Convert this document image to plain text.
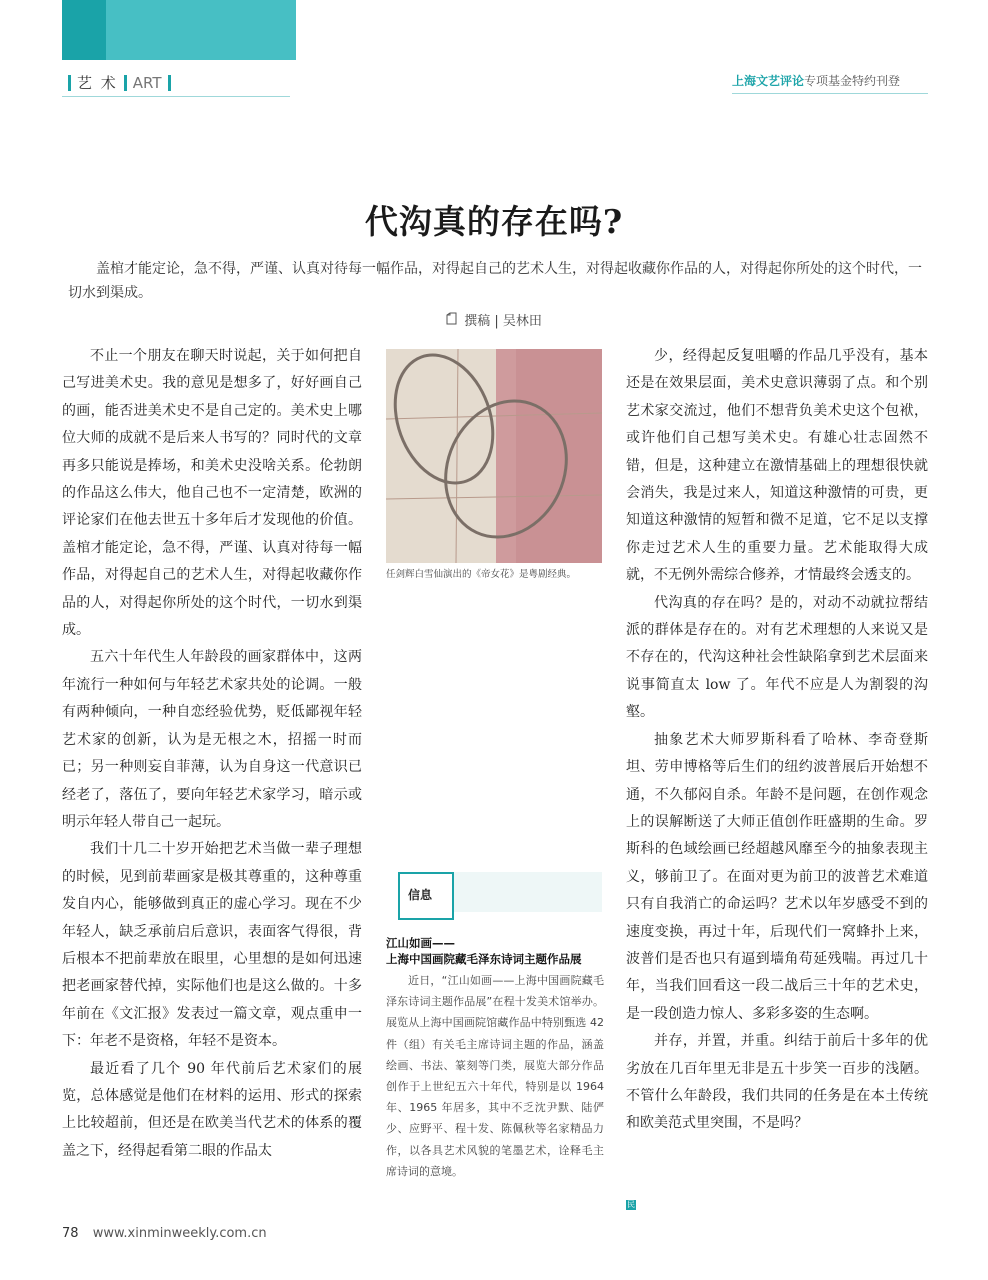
艺 术 ART	上海文艺评论专项基金特约刊登
代沟真的存在吗?
盖棺才能定论，急不得，严谨、认真对待每一幅作品，对得起自己的艺术人生，对得起收藏你作品的人，对得起你所处的这个时代，一切水到渠成。
撰稿 | 吴林田

不止一个朋友在聊天时说起，关于如何把自己写进美术史。我的意见是想多了，好好画自己的画，能否进美术史不是自己定的。美术史上哪位大师的成就不是后来人书写的？同时代的文章再多只能说是捧场，和美术史没啥关系。伦勃朗的作品这么伟大，他自己也不一定清楚，欧洲的评论家们在他去世五十多年后才发现他的价值。盖棺才能定论，急不得，严谨、认真对待每一幅作品，对得起自己的艺术人生，对得起收藏你作品的人，对得起你所处的这个时代，一切水到渠成。

五六十年代生人年龄段的画家群体中，这两年流行一种如何与年轻艺术家共处的论调。一般有两种倾向，一种自恋经验优势，贬低鄙视年轻艺术家的创新，认为是无根之木，招摇一时而已；另一种则妄自菲薄，认为自身这一代意识已经老了，落伍了，要向年轻艺术家学习，暗示或明示年轻人带自己一起玩。

我们十几二十岁开始把艺术当做一辈子理想的时候，见到前辈画家是极其尊重的，这种尊重发自内心，能够做到真正的虚心学习。现在不少年轻人，缺乏承前启后意识，表面客气得很，背后根本不把前辈放在眼里，心里想的是如何迅速把老画家替代掉，实际他们也是这么做的。十多年前在《文汇报》发表过一篇文章，观点重申一下：年老不是资格，年轻不是资本。

最近看了几个 90 年代前后艺术家们的展览，总体感觉是他们在材料的运用、形式的探索上比较超前，但还是在欧美当代艺术的体系的覆盖之下，经得起看第二眼的作品太

任剑辉白雪仙演出的《帝女花》是粤剧经典。
信息
江山如画——
上海中国画院藏毛泽东诗词主题作品展
近日，“江山如画——上海中国画院藏毛泽东诗词主题作品展”在程十发美术馆举办。展览从上海中国画院馆藏作品中特别甄选 42 件（组）有关毛主席诗词主题的作品，涵盖绘画、书法、篆刻等门类，展览大部分作品创作于上世纪五六十年代，特别是以 1964 年、1965 年居多，其中不乏沈尹默、陆俨少、应野平、程十发、陈佩秋等名家精品力作，以各具艺术风貌的笔墨艺术，诠释毛主席诗词的意境。

少，经得起反复咀嚼的作品几乎没有，基本还是在效果层面，美术史意识薄弱了点。和个别艺术家交流过，他们不想背负美术史这个包袱，或许他们自己想写美术史。有雄心壮志固然不错，但是，这种建立在激情基础上的理想很快就会消失，我是过来人，知道这种激情的可贵，更知道这种激情的短暂和微不足道，它不足以支撑你走过艺术人生的重要力量。艺术能取得大成就，不无例外需综合修养，才情最终会透支的。

代沟真的存在吗？是的，对动不动就拉帮结派的群体是存在的。对有艺术理想的人来说又是不存在的，代沟这种社会性缺陷拿到艺术层面来说事简直太 low 了。年代不应是人为割裂的沟壑。

抽象艺术大师罗斯科看了哈林、李奇登斯坦、劳申博格等后生们的纽约波普展后开始想不通，不久郁闷自杀。年龄不是问题，在创作观念上的误解断送了大师正值创作旺盛期的生命。罗斯科的色域绘画已经超越风靡至今的抽象表现主义，够前卫了。在面对更为前卫的波普艺术难道只有自我消亡的命运吗？艺术以年岁感受不到的速度变换，再过十年，后现代们一窝蜂扑上来，波普们是否也只有逼到墙角苟延残喘。再过几十年，当我们回看这一段二战后三十年的艺术史，是一段创造力惊人、多彩多姿的生态啊。

并存，并置，并重。纠结于前后十多年的优劣放在几百年里无非是五十步笑一百步的浅陋。不管什么年龄段，我们共同的任务是在本土传统和欧美范式里突围，不是吗？

民
78 www.xinminweekly.com.cn
